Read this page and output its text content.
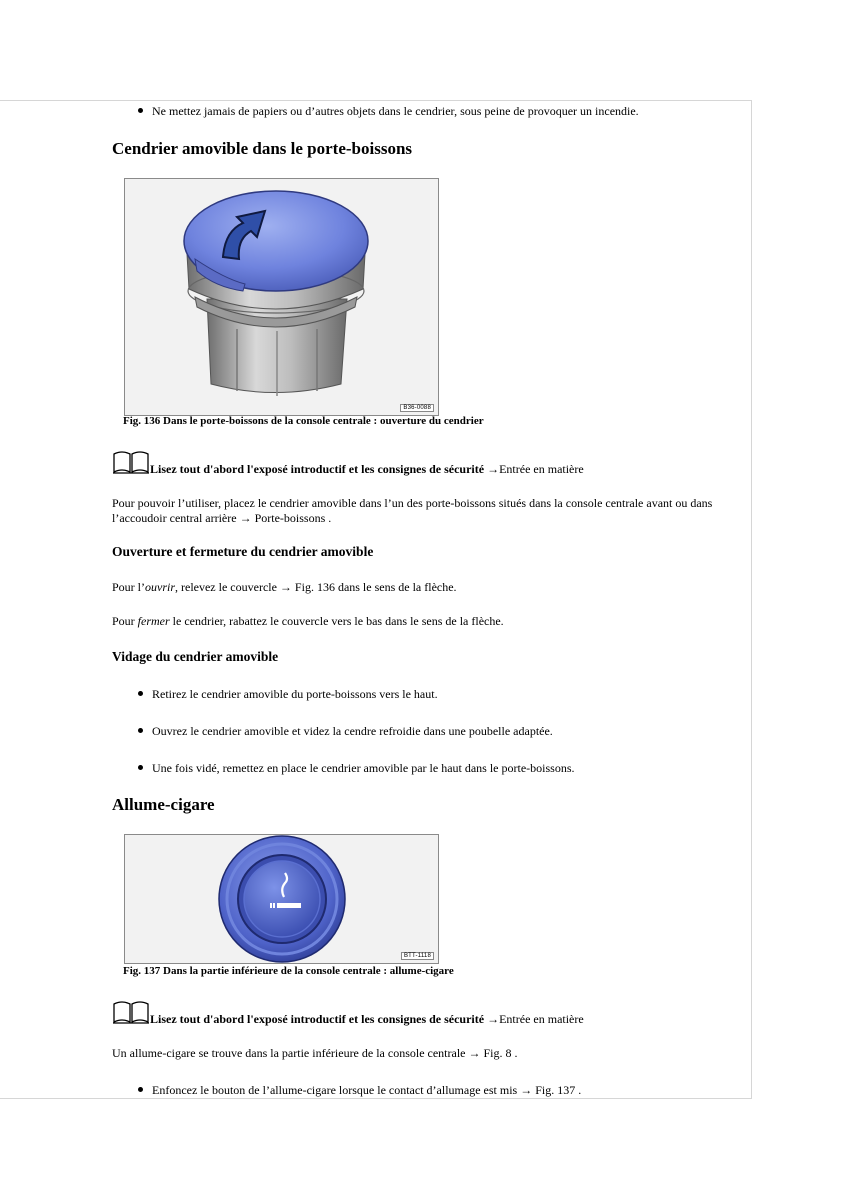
Ne mettez jamais de papiers ou d’autres objets dans le cendrier, sous peine de provoquer un incendie.
Cendrier amovible dans le porte-boissons
B36-0088
Fig. 136 Dans le porte-boissons de la console centrale : ouverture du cendrier
Lisez tout d'abord l'exposé introductif et les consignes de sécurité →Entrée en matière

Pour pouvoir l’utiliser, placez le cendrier amovible dans l’un des porte-boissons situés dans la console centrale avant ou dans

l’accoudoir central arrière → Porte-boissons .

Ouverture et fermeture du cendrier amovible

Pour l’ouvrir, relevez le couvercle → Fig. 136 dans le sens de la flèche.

Pour fermer le cendrier, rabattez le couvercle vers le bas dans le sens de la flèche.

Vidage du cendrier amovible
Retirez le cendrier amovible du porte-boissons vers le haut.
Ouvrez le cendrier amovible et videz la cendre refroidie dans une poubelle adaptée.
Une fois vidé, remettez en place le cendrier amovible par le haut dans le porte-boissons.
Allume-cigare
BTT-1118
Fig. 137 Dans la partie inférieure de la console centrale : allume-cigare
Lisez tout d'abord l'exposé introductif et les consignes de sécurité →Entrée en matière

Un allume-cigare se trouve dans la partie inférieure de la console centrale → Fig. 8 .

Enfoncez le bouton de l’allume-cigare lorsque le contact d’allumage est mis → Fig. 137 .
